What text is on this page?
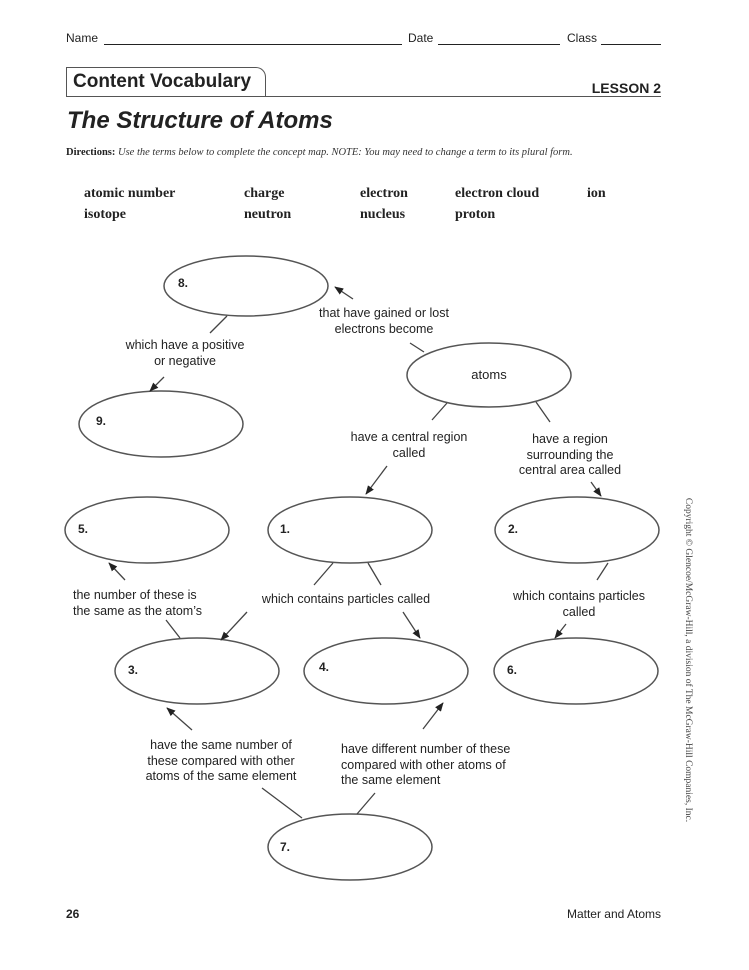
Name	Date	Class
Content Vocabulary	LESSON 2
The Structure of Atoms
Directions: Use the terms below to complete the concept map. NOTE: You may need to change a term to its plural form.
atomic number	charge	electron	electron cloud	ion
isotope	neutron	nucleus	proton
8.
atoms
9.
5.	1.	2.
3.	4.	6.
7.
that have gained or lost
electrons become
which have a positive
or negative
have a central region
called
have a region
surrounding the
central area called
the number of these is
the same as the atom’s
which contains particles called	which contains particles
called
have the same number of
these compared with other
atoms of the same element
have different number of these
compared with other atoms of
the same element	Copyright © Glencoe/McGraw-Hill, a division of The McGraw-Hill Companies, Inc.
26	Matter and Atoms
